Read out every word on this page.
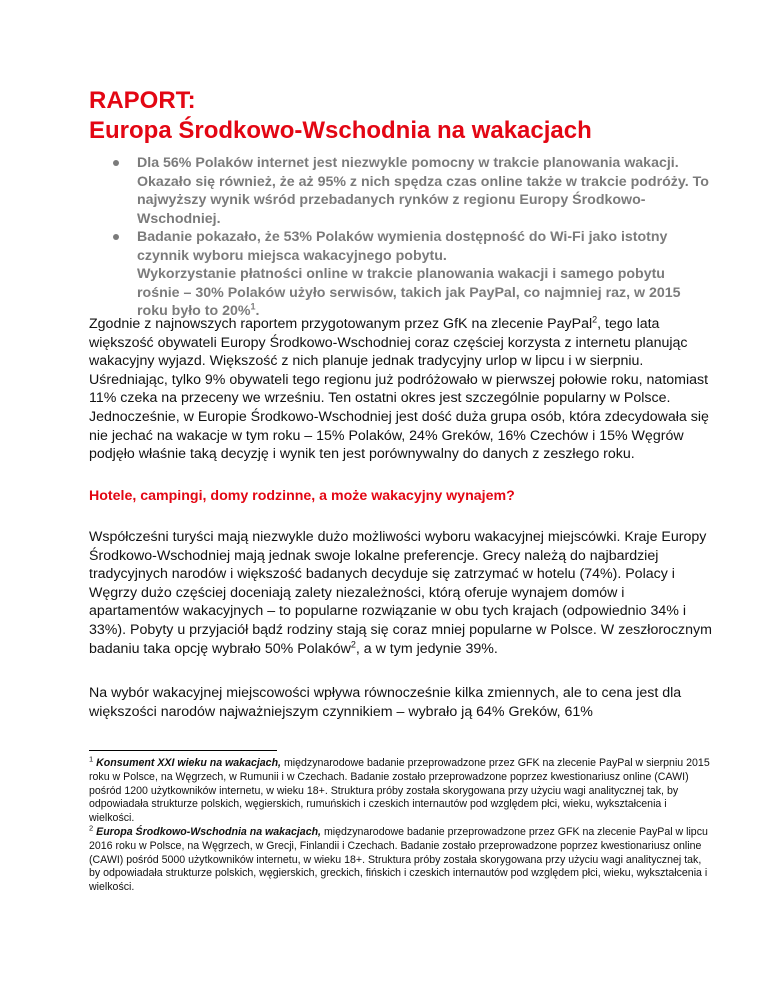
RAPORT:
Europa Środkowo-Wschodnia na wakacjach
Dla 56% Polaków internet jest niezwykle pomocny w trakcie planowania wakacji. Okazało się również, że aż 95% z nich spędza czas online także w trakcie podróży. To najwyższy wynik wśród przebadanych rynków z regionu Europy Środkowo-Wschodniej.
Badanie pokazało, że 53% Polaków wymienia dostępność do Wi-Fi jako istotny czynnik wyboru miejsca wakacyjnego pobytu.
Wykorzystanie płatności online w trakcie planowania wakacji i samego pobytu rośnie – 30% Polaków użyło serwisów, takich jak PayPal, co najmniej raz, w 2015 roku było to 20%$^1$.

Zgodnie z najnowszych raportem przygotowanym przez GfK na zlecenie PayPal$^2$, tego lata większość obywateli Europy Środkowo-Wschodniej coraz częściej korzysta z internetu planując wakacyjny wyjazd. Większość z nich planuje jednak tradycyjny urlop w lipcu i w sierpniu. Uśredniając, tylko 9% obywateli tego regionu już podróżowało w pierwszej połowie roku, natomiast 11% czeka na przeceny we wrześniu. Ten ostatni okres jest szczególnie popularny w Polsce.
Jednocześnie, w Europie Środkowo-Wschodniej jest dość duża grupa osób, która zdecydowała się nie jechać na wakacje w tym roku – 15% Polaków, 24% Greków, 16% Czechów i 15% Węgrów podjęło właśnie taką decyzję i wynik ten jest porównywalny do danych z zeszłego roku.

Hotele, campingi, domy rodzinne, a może wakacyjny wynajem?

Współcześni turyści mają niezwykle dużo możliwości wyboru wakacyjnej miejscówki. Kraje Europy Środkowo-Wschodniej mają jednak swoje lokalne preferencje. Grecy należą do najbardziej tradycyjnych narodów i większość badanych decyduje się zatrzymać w hotelu (74%). Polacy i Węgrzy dużo częściej doceniają zalety niezależności, którą oferuje wynajem domów i apartamentów wakacyjnych – to popularne rozwiązanie w obu tych krajach (odpowiednio 34% i 33%). Pobyty u przyjaciół bądź rodziny stają się coraz mniej popularne w Polsce. W zeszłorocznym badaniu taka opcję wybrało 50% Polaków$^2$, a w tym jedynie 39%.

Na wybór wakacyjnej miejscowości wpływa równocześnie kilka zmiennych, ale to cena jest dla większości narodów najważniejszym czynnikiem – wybrało ją 64% Greków, 61%

$^1$ Konsument XXI wieku na wakacjach, międzynarodowe badanie przeprowadzone przez GFK na zlecenie PayPal w sierpniu 2015 roku w Polsce, na Węgrzech, w Rumunii i w Czechach. Badanie zostało przeprowadzone poprzez kwestionariusz online (CAWI) pośród 1200 użytkowników internetu, w wieku 18+. Struktura próby została skorygowana przy użyciu wagi analitycznej tak, by odpowiadała strukturze polskich, węgierskich, rumuńskich i czeskich internautów pod względem płci, wieku, wykształcenia i wielkości.

$^2$ Europa Środkowo-Wschodnia na wakacjach, międzynarodowe badanie przeprowadzone przez GFK na zlecenie PayPal w lipcu 2016 roku w Polsce, na Węgrzech, w Grecji, Finlandii i Czechach. Badanie zostało przeprowadzone poprzez kwestionariusz online (CAWI) pośród 5000 użytkowników internetu, w wieku 18+. Struktura próby została skorygowana przy użyciu wagi analitycznej tak, by odpowiadała strukturze polskich, węgierskich, greckich, fińskich i czeskich internautów pod względem płci, wieku, wykształcenia i wielkości.
